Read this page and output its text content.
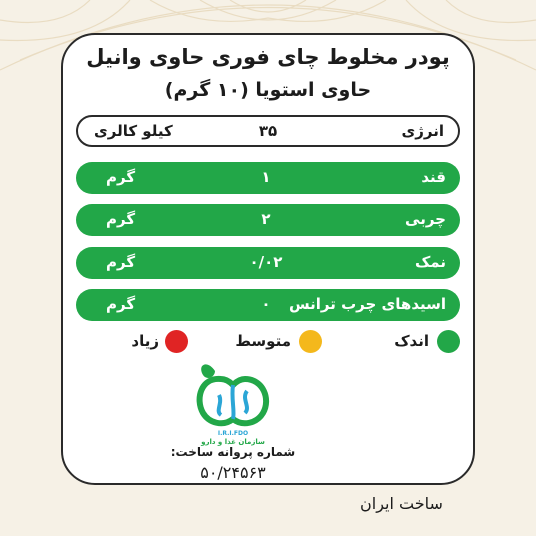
پودر مخلوط چای فوری حاوی وانیل
حاوی استویا (۱۰ گرم)
انرژی
۳۵
کیلو کالری
قند
۱
گرم
چربی
۲
گرم
نمک
۰/۰۲
گرم
اسیدهای چرب ترانس
۰
گرم
اندک
متوسط
زیاد
I.R.I.FDO
سازمان غذا و دارو
شماره پروانه ساخت:
۵۰/۲۴۵۶۳
ساخت ایران
